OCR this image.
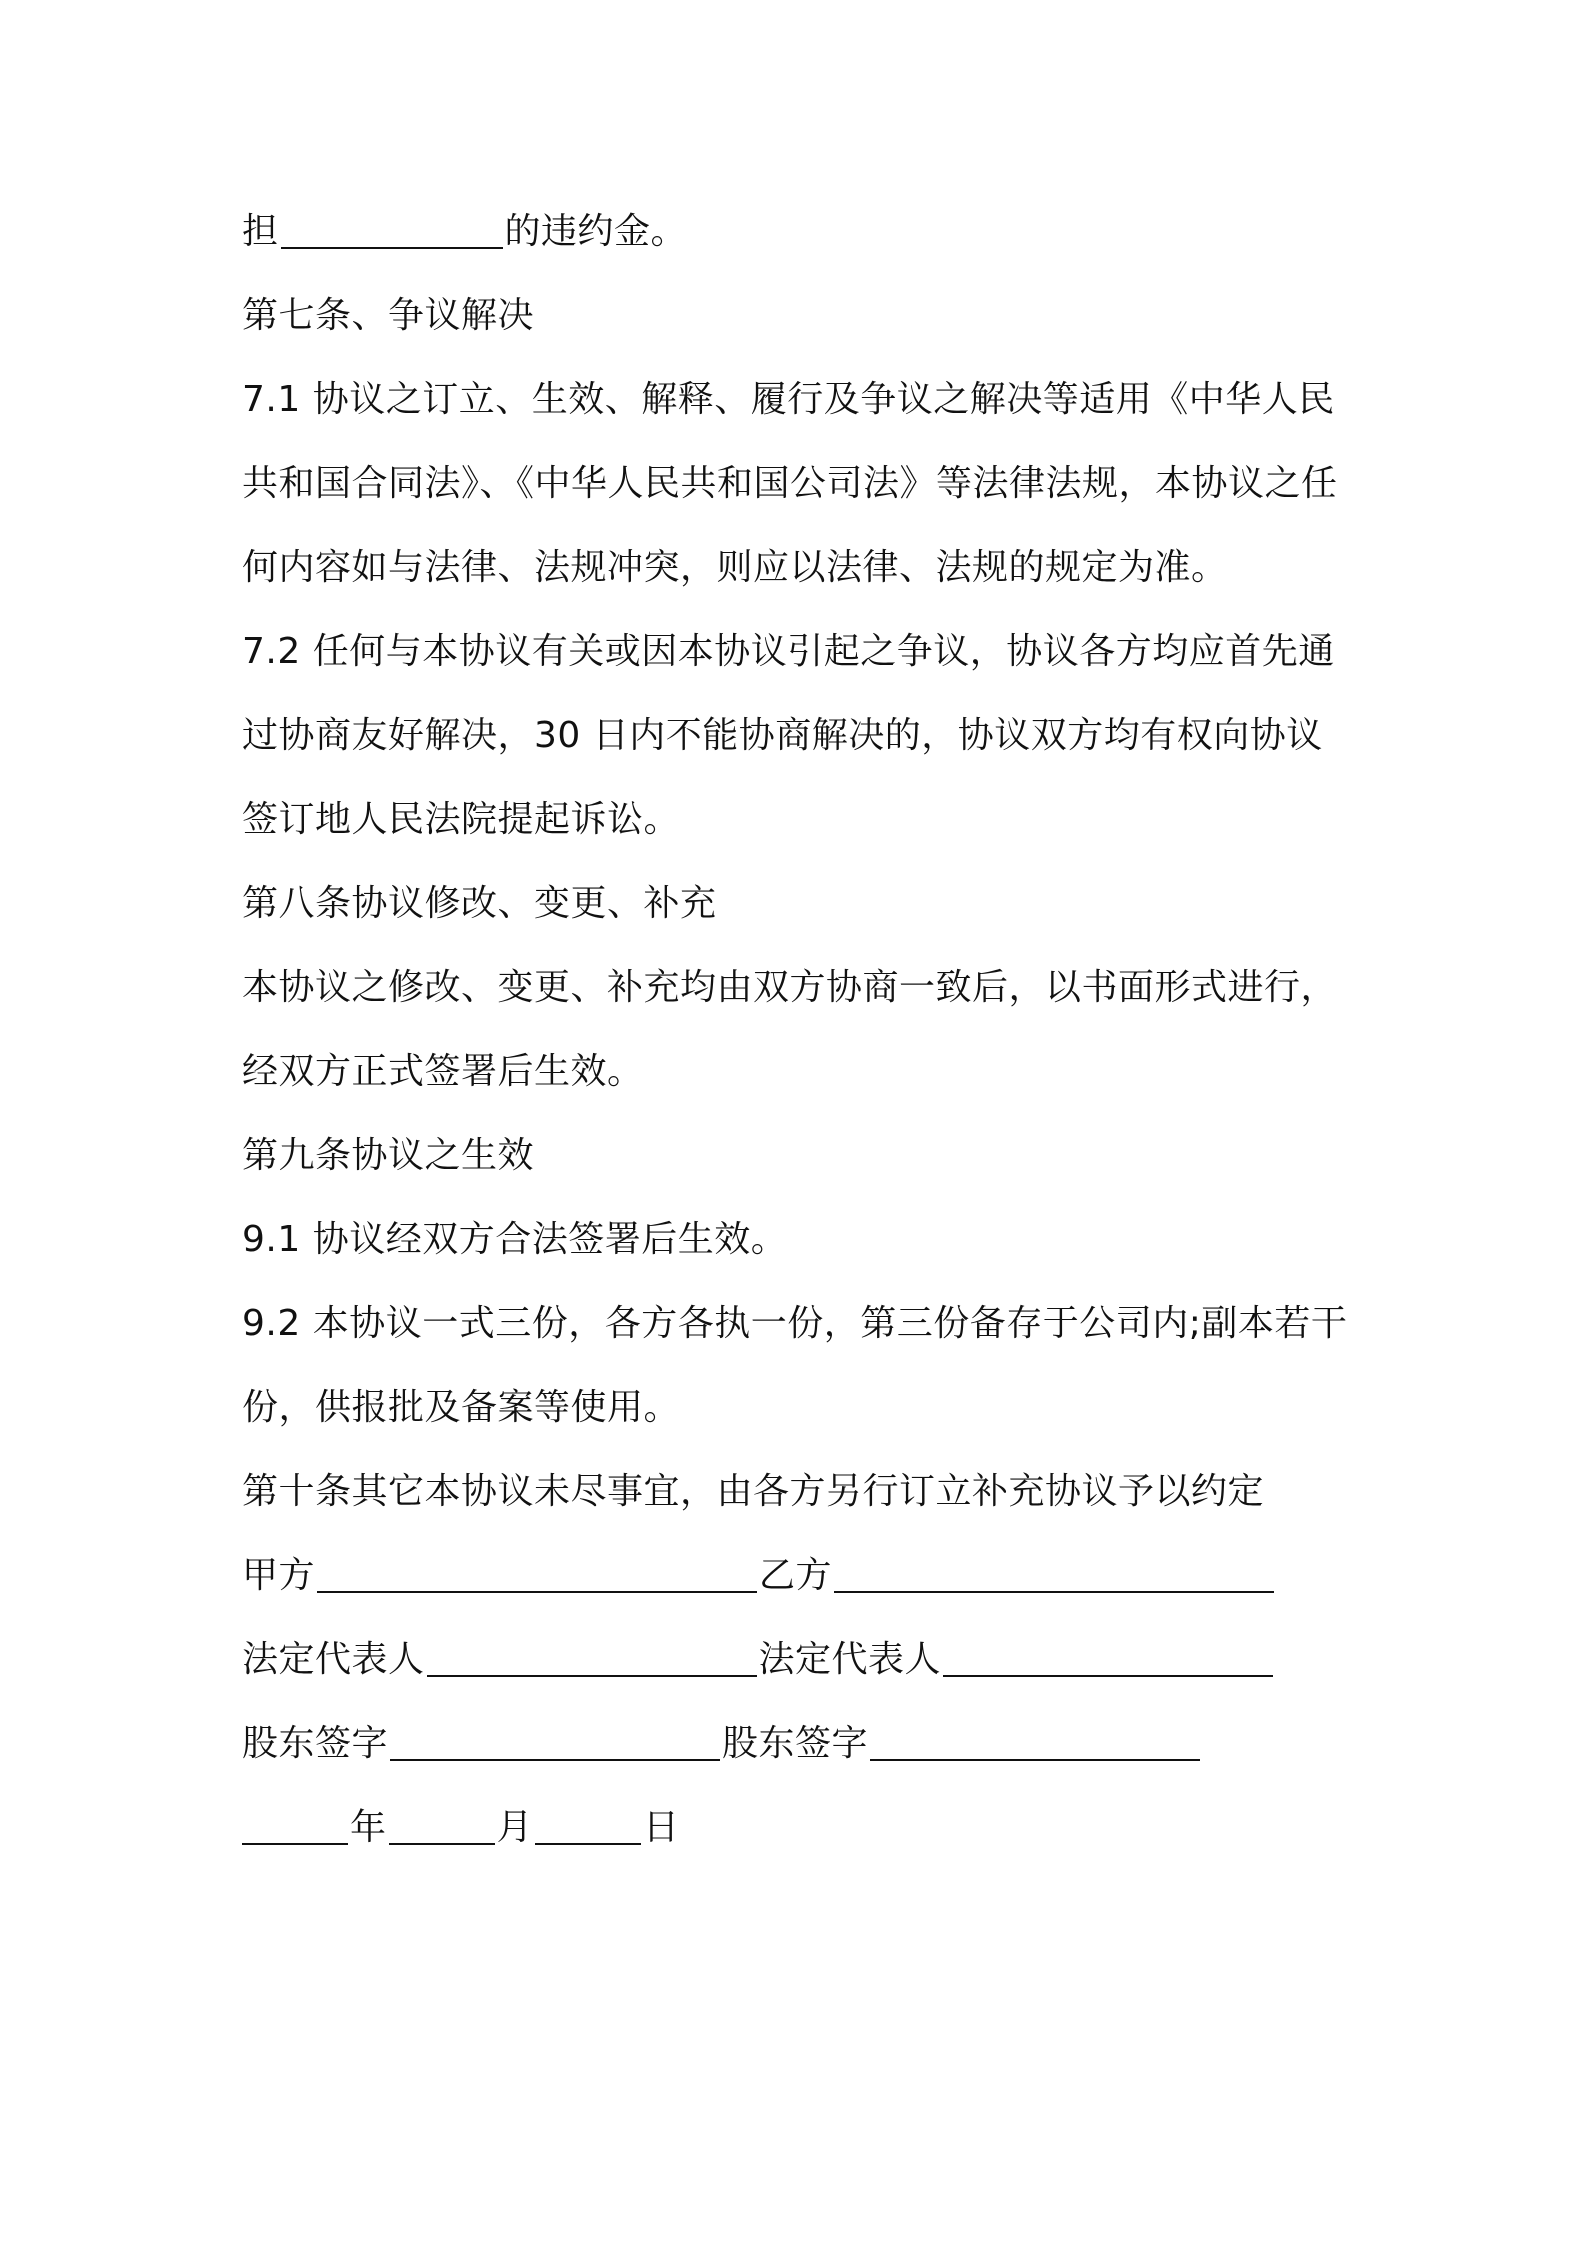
担	的违约金。
第七条、争议解决
7.1 协议之订立、生效、解释、履行及争议之解决等适用《中华人民
共和国合同法》、《中华人民共和国公司法》等法律法规，本协议之任
何内容如与法律、法规冲突，则应以法律、法规的规定为准。
7.2 任何与本协议有关或因本协议引起之争议，协议各方均应首先通
过协商友好解决，30 日内不能协商解决的，协议双方均有权向协议
签订地人民法院提起诉讼。
第八条协议修改、变更、补充
本协议之修改、变更、补充均由双方协商一致后，以书面形式进行，
经双方正式签署后生效。
第九条协议之生效
9.1 协议经双方合法签署后生效。
9.2 本协议一式三份，各方各执一份，第三份备存于公司内;副本若干
份，供报批及备案等使用。
第十条其它本协议未尽事宜，由各方另行订立补充协议予以约定
甲方	乙方
法定代表人	法定代表人
股东签字	股东签字
年	月	日
